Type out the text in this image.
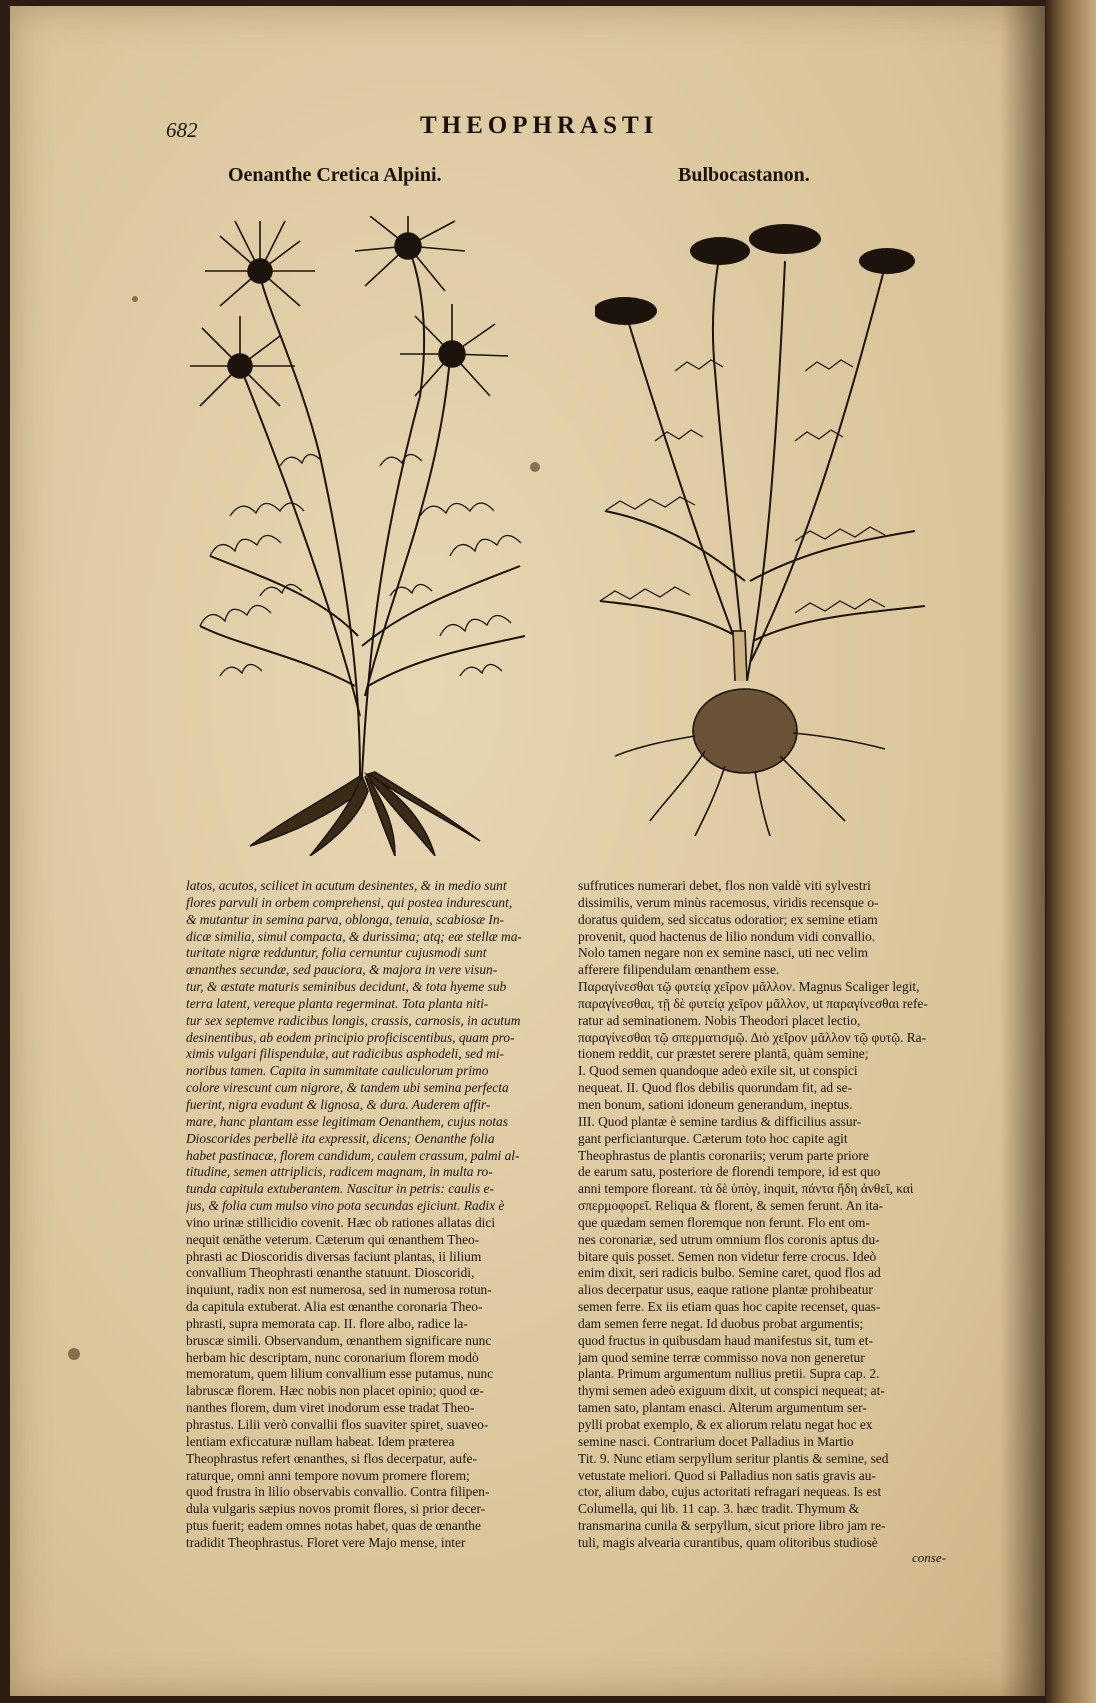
682	THEOPHRASTI
Oenanthe Cretica Alpini.	Bulbocastanon.

latos, acutos, scilicet in acutum desinentes, & in medio sunt

flores parvuli in orbem comprehensi, qui postea indurescunt,

& mutantur in semina parva, oblonga, tenuia, scabiosæ In-

dicæ similia, simul compacta, & durissima; atq; eæ stellæ ma-

turitate nigræ redduntur, folia cernuntur cujusmodi sunt

œnanthes secundæ, sed pauciora, & majora in vere visun-

tur, & æstate maturis seminibus decidunt, & tota hyeme sub

terra latent, vereque planta regerminat. Tota planta niti-

tur sex septemve radicibus longis, crassis, carnosis, in acutum

desinentibus, ab eodem principio proficiscentibus, quam pro-

ximis vulgari filispendulæ, aut radicibus asphodeli, sed mi-

noribus tamen. Capita in summitate cauliculorum primo

colore virescunt cum nigrore, & tandem ubi semina perfecta

fuerint, nigra evadunt & lignosa, & dura. Auderem affir-

mare, hanc plantam esse legitimam Oenanthem, cujus notas

Dioscorides perbellè ita expressit, dicens; Oenanthe folia

habet pastinacæ, florem candidum, caulem crassum, palmi al-

titudine, semen attriplicis, radicem magnam, in multa ro-

tunda capitula extuberantem. Nascitur in petris: caulis e-

jus, & folia cum mulso vino pota secundas ejiciunt. Radix è

vino urinæ stillicidio covenit. Hæc ob rationes allatas dici

nequit œnāthe veterum. Cæterum qui œnanthem Theo-

phrasti ac Dioscoridis diversas faciunt plantas, ii lilium

convallium Theophrasti œnanthe statuunt. Dioscoridi,

inquiunt, radix non est numerosa, sed in numerosa rotun-

da capitula extuberat. Alia est œnanthe coronaria Theo-

phrasti, supra memorata cap. II. flore albo, radice la-

bruscæ simili. Observandum, œnanthem significare nunc

herbam hic descriptam, nunc coronarium florem modò

memoratum, quem lilium convallium esse putamus, nunc

labruscæ florem. Hæc nobis non placet opinio; quod œ-

nanthes florem, dum viret inodorum esse tradat Theo-

phrastus. Lilii verò convallii flos suaviter spiret, suaveo-

lentiam exficcaturæ nullam habeat. Idem præterea

Theophrastus refert œnanthes, si flos decerpatur, aufe-

raturque, omni anni tempore novum promere florem;

quod frustra in lilio observabis convallio. Contra filipen-

dula vulgaris sæpius novos promit flores, si prior decer-

ptus fuerit; eadem omnes notas habet, quas de œnanthe

tradidit Theophrastus. Floret vere Majo mense, inter

suffrutices numerari debet, flos non valdè viti sylvestri

dissimilis, verum minùs racemosus, viridis recensque o-

doratus quidem, sed siccatus odoratior; ex semine etiam

provenit, quod hactenus de lilio nondum vidi convallio.

Nolo tamen negare non ex semine nasci, uti nec velim

afferere filipendulam œnanthem esse.

Παραγίνεσθαι τῷ φυτείᾳ χεῖρον μᾶλλον. Magnus Scaliger legit,

παραγίνεσθαι, τῇ δὲ φυτείᾳ χεῖρον μᾶλλον, ut παραγίνεσθαι refe-

ratur ad seminationem. Nobis Theodori placet lectio,

παραγίνεσθαι τῷ σπερματισμῷ. Διὸ χεῖρον μᾶλλον τῷ φυτῷ. Ra-

tionem reddit, cur præstet serere plantā, quàm semine;

I. Quod semen quandoque adeò exile sit, ut conspici

nequeat. II. Quod flos debilis quorundam fit, ad se-

men bonum, sationi idoneum generandum, ineptus.

III. Quod plantæ è semine tardius & difficilius assur-

gant perficianturque. Cæterum toto hoc capite agit

Theophrastus de plantis coronariis; verum parte priore

de earum satu, posteriore de florendi tempore, id est quo

anni tempore floreant. τὰ δὲ ὑπὸγ, inquit, πάντα ἤδη ἀνθεῖ, καὶ

σπερμοφορεῖ. Reliqua & florent, & semen ferunt. An ita-

que quædam semen floremque non ferunt. Flo ent om-

nes coronariæ, sed utrum omnium flos coronis aptus du-

bitare quis posset. Semen non videtur ferre crocus. Ideò

enim dixit, seri radicis bulbo. Semine caret, quod flos ad

alios decerpatur usus, eaque ratione plantæ prohibeatur

semen ferre. Ex iis etiam quas hoc capite recenset, quas-

dam semen ferre negat. Id duobus probat argumentis;

quod fructus in quibusdam haud manifestus sit, tum et-

jam quod semine terræ commisso nova non generetur

planta. Primum argumentum nullius pretii. Supra cap. 2.

thymi semen adeò exiguum dixit, ut conspici nequeat; at-

tamen sato, plantam enasci. Alterum argumentum ser-

pylli probat exemplo, & ex aliorum relatu negat hoc ex

semine nasci. Contrarium docet Palladius in Martio

Tit. 9. Nunc etiam serpyllum seritur plantis & semine, sed

vetustate meliori. Quod si Palladius non satis gravis au-

ctor, alium dabo, cujus actoritati refragari nequeas. Is est

Columella, qui lib. 11 cap. 3. hæc tradit. Thymum &

transmarina cunila & serpyllum, sicut priore libro jam re-

tuli, magis alvearia curantibus, quam olitoribus studiosè

conse-
